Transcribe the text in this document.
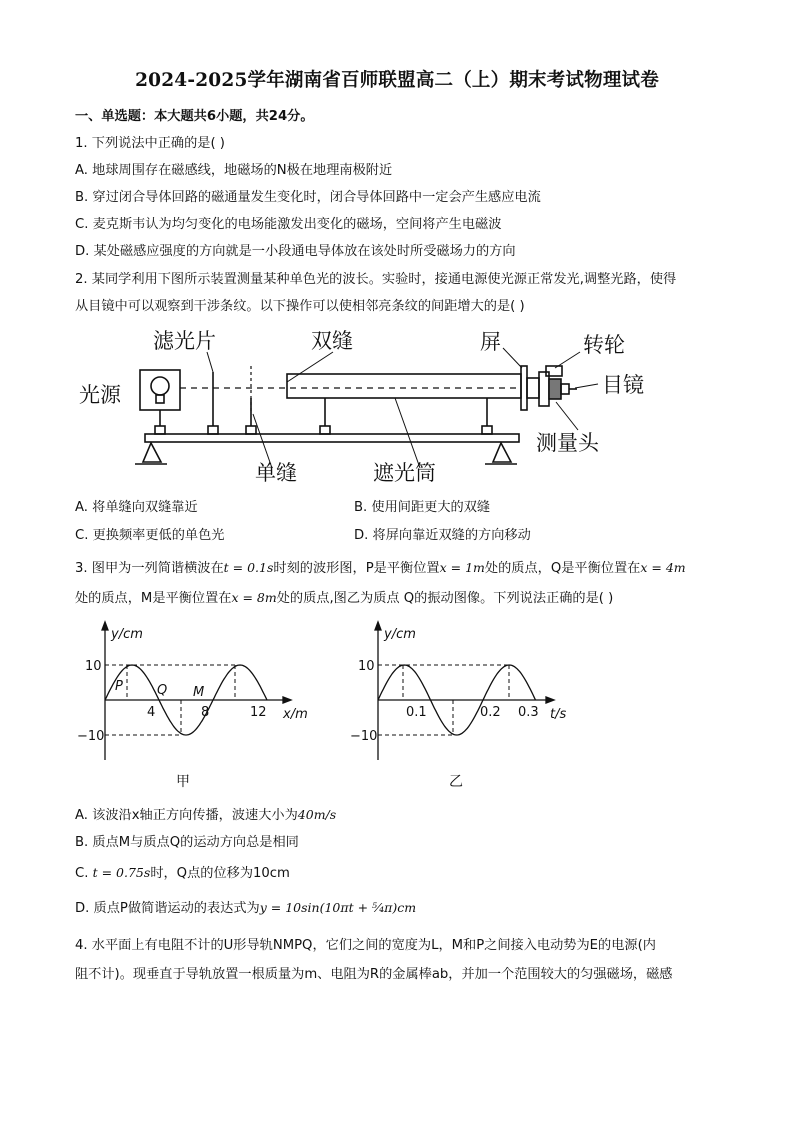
2024-2025学年湖南省百师联盟高二（上）期末考试物理试卷
一、单选题：本大题共6小题，共24分。
1. 下列说法中正确的是( )
A. 地球周围存在磁感线，地磁场的N极在地理南极附近
B. 穿过闭合导体回路的磁通量发生变化时，闭合导体回路中一定会产生感应电流
C. 麦克斯韦认为均匀变化的电场能激发出变化的磁场，空间将产生电磁波
D. 某处磁感应强度的方向就是一小段通电导体放在该处时所受磁场力的方向
2. 某同学利用下图所示装置测量某种单色光的波长。实验时，接通电源使光源正常发光,调整光路，使得
从目镜中可以观察到干涉条纹。以下操作可以使相邻亮条纹的间距增大的是( )
滤光片	双缝	屏	转轮
光源	目镜
单缝	遮光筒
测量头
A. 将单缝向双缝靠近	B. 使用间距更大的双缝
C. 更换频率更低的单色光	D. 将屏向靠近双缝的方向移动
3. 图甲为一列简谐横波在t = 0.1s时刻的波形图，P是平衡位置x = 1m处的质点，Q是平衡位置在x = 4m
处的质点，M是平衡位置在x = 8m处的质点,图乙为质点 Q的振动图像。下列说法正确的是( )
y/cm
x/m
10
−10
4	8	12
P	Q M
甲
y/cm
t/s
10
−10
0.1	0.2 0.3
乙
A. 该波沿x轴正方向传播，波速大小为40m/s
B. 质点M与质点Q的运动方向总是相同
C. t = 0.75s时，Q点的位移为10cm
D. 质点P做简谐运动的表达式为y = 10sin(10πt + ⁵⁄₄π)cm
4. 水平面上有电阻不计的U形导轨NMPQ，它们之间的宽度为L，M和P之间接入电动势为E的电源(内
阻不计)。现垂直于导轨放置一根质量为m、电阻为R的金属棒ab，并加一个范围较大的匀强磁场，磁感
